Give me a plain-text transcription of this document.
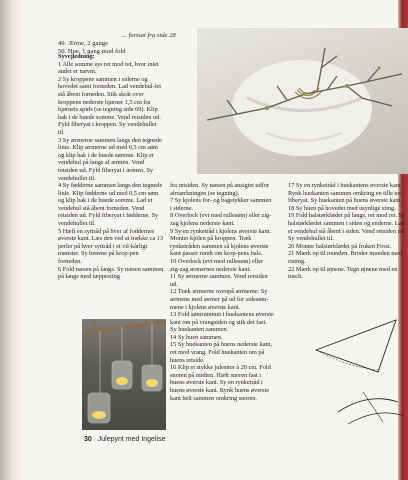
... fortsat fra side 28
49. Ærme, 2 gange
50. Hue, 1 gang mod fold

Syvejledning:

1 Alle somme sys ret mod ret, hvor intet andet er nævnt.

2 Sy kroppene sammen i siderne og hovedet samt forneden. Lad vendehul-let stå åbent forneden. Stik skråt over kroppens nederste hjørner 1,5 cm fra hjørnets spids (se tegning side 69). Klip hak i de buede somme. Vend retsiden ud. Fyld fiberyat i kroppen. Sy vendehullet til.

3 Sy ærmerne sammen langs den tegnede linie. Klip ærmerne ud med 0,5 cm søm og klip hak i de buede sømme. Klip et vendehul på langs af ærmen. Vend retsiden ud. Fyld fiberyat i ærmen. Sy vendehullet til.

4 Sy fødderne sammen langs den tegnede linie. Klip fødderne ud med 0,5 cm søm og klip hak i de buede somme. Lad et vendehul stå åbent forneden. Vend retsiden ud. Fyld fiberyat i fødderne. Sy vendehullet til.

5 Hæft en syttråd på hver af foddernes øverste kant. Læs den ved at trække ca 13 perler på hver syttråd i et vil-kårligt mønster. Sy benene på krop-pen forneden.

6 Fold næsen på langs. Sy næsen sammen på langs med tæppesting

fra retsiden. Sy næsen på ansigtet udfor afmærkningen (se tegning).

7 Sy kjolens for- og bagstykker sammen i siderne.

8 Overlock (evt med rullesøm) eller zig-zag kjolens nederste kant.

9 Sy en rynketråd i kjolens øverste kant. Monter kjolen på kroppen. Træk rynketråden sammen så kjolens øverste kant passer rundt om krop-pens hals.

10 Overlock (evt med rullesøm) eller zig-zag ærmernes nederste kant.

11 Sy ærmerne sammen. Vend retsiden ud.

12 Træk ærmerne ovenpå ærmerne. Sy ærmene med ærmer på ud for sidesøm-mene i kjolens øverste kant.

13 Fold sømrummet i huekantens øverste kant om på vrangsiden og stik det fast. Sy huekanten sammen.

14 Sy huen sammen.

15 Sy huekanten på huens nederste kant, ret mod vrang. Fold huekanten om på huens retside.

16 Klip et stykke julesnor à 20 cm. Fold snoren på midten. Hæft snoren fast i huens øverste kant. Sy en rynketråd i huens øverste kant. Rynk huens øverste kant helt sammen omkring snoren.

17 Sy en rynketråd i huekantens øverste kant. Rynk huekanten sammen omkring en tille tot fiberyat. Sy huekanten på huens øverste kant.

18 Sy huen på hovedet med usynlige sting.

19 Fold halstørklædet på langs, ret mod ret. Sy halstørklædet sammen i siden og enderne. Lad et vendehul stå åbent i siden. Vend retsiden ud. Sy vendehullet til.

20 Monter halstørklædet på fruken Frost.

21 Mærk op til munden. Broder munden med risting.

22 Mærk op til øjnene. Tegn øjnene med en tusch.

30 Julepynt med Ingelise
